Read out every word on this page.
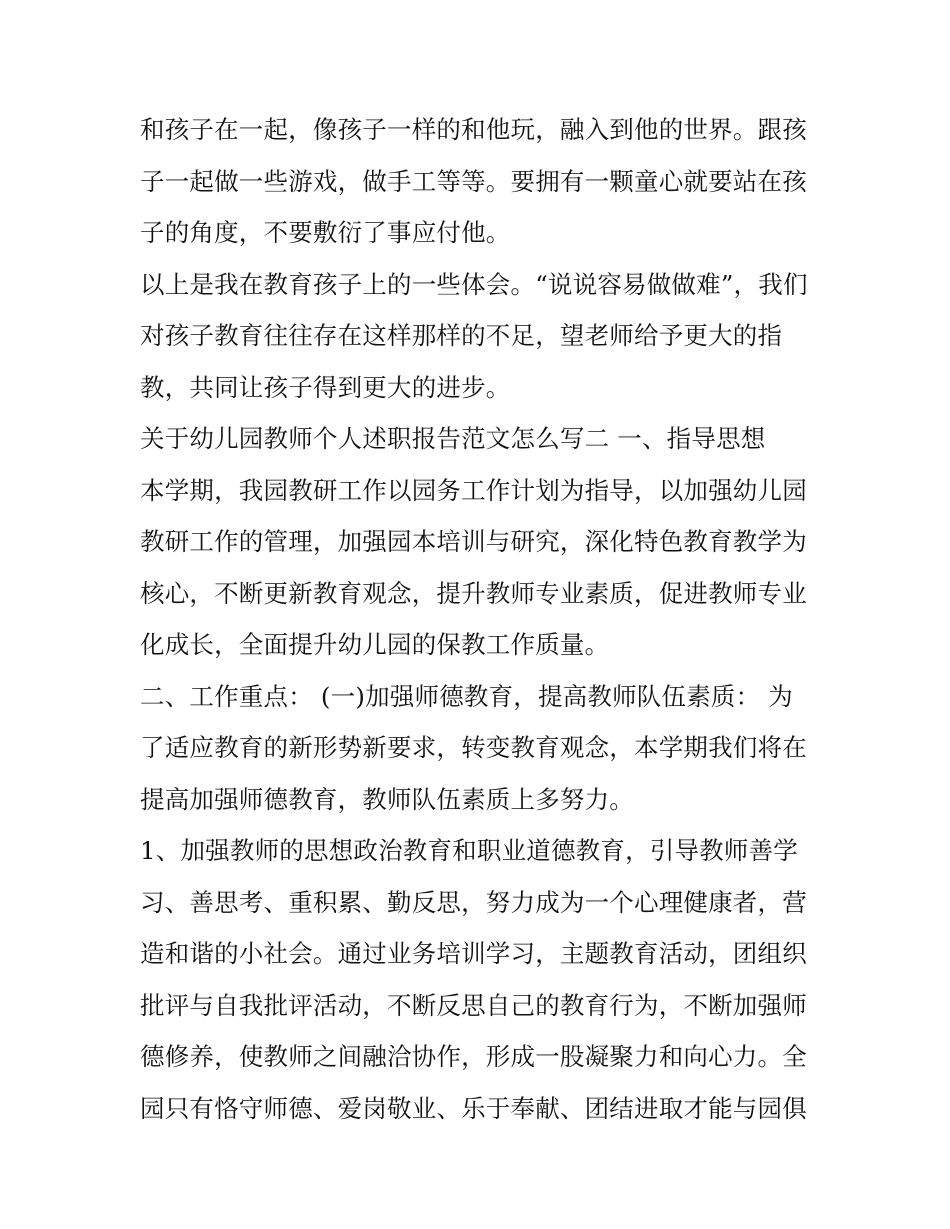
和孩子在一起，像孩子一样的和他玩，融入到他的世界。跟孩
子一起做一些游戏，做手工等等。要拥有一颗童心就要站在孩
子的角度，不要敷衍了事应付他。
以上是我在教育孩子上的一些体会。“说说容易做做难”，我们
对孩子教育往往存在这样那样的不足，望老师给予更大的指
教，共同让孩子得到更大的进步。
关于幼儿园教师个人述职报告范文怎么写二 一、指导思想
本学期，我园教研工作以园务工作计划为指导，以加强幼儿园
教研工作的管理，加强园本培训与研究，深化特色教育教学为
核心，不断更新教育观念，提升教师专业素质，促进教师专业
化成长，全面提升幼儿园的保教工作质量。
二、工作重点： (一)加强师德教育，提高教师队伍素质： 为
了适应教育的新形势新要求，转变教育观念，本学期我们将在
提高加强师德教育，教师队伍素质上多努力。
1、加强教师的思想政治教育和职业道德教育，引导教师善学
习、善思考、重积累、勤反思，努力成为一个心理健康者，营
造和谐的小社会。通过业务培训学习，主题教育活动，团组织
批评与自我批评活动，不断反思自己的教育行为，不断加强师
德修养，使教师之间融洽协作，形成一股凝聚力和向心力。全
园只有恪守师德、爱岗敬业、乐于奉献、团结进取才能与园俱
